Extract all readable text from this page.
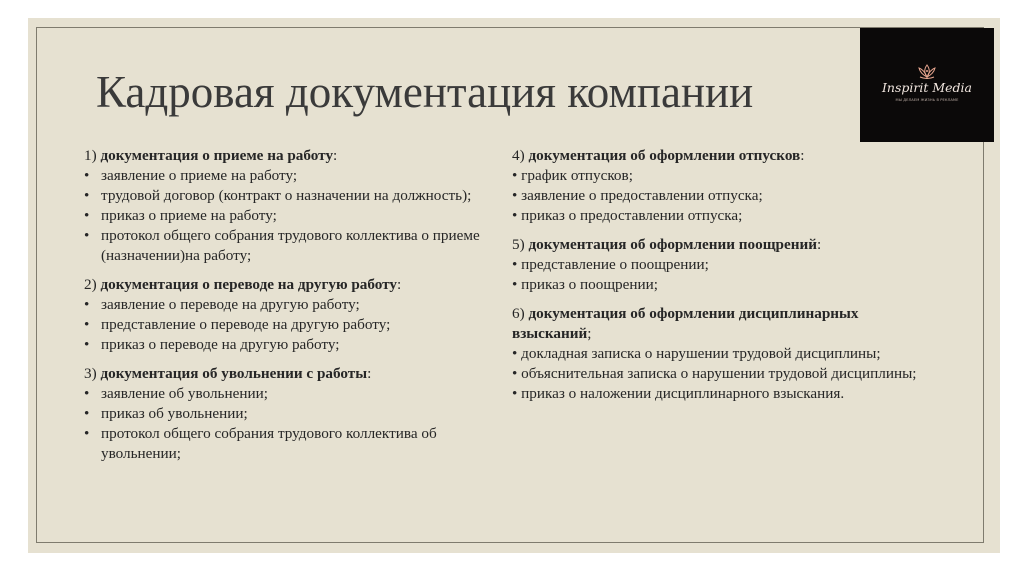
Кадровая документация компании	Inspirit Media
МЫ ДЕЛАЕМ ЖИЗНЬ В РЕКЛАМЕ

1) документация о приеме на работу:

•заявление о приеме на работу;
•трудовой договор (контракт о назначении на должность);
•приказ о приеме на работу;
•протокол общего собрания трудового коллектива о приеме (назначении)на работу;

2) документация о переводе на другую работу:

•заявление о переводе на другую работу;
•представление о переводе на другую работу;
•приказ о переводе на другую работу;

3) документация об увольнении с работы:

•заявление об увольнении;
•приказ об увольнении;
•протокол общего собрания трудового коллектива об увольнении;

4) документация об оформлении отпусков:

• график отпусков;
• заявление о предоставлении отпуска;
• приказ о предоставлении отпуска;

5) документация об оформлении поощрений:

• представление о поощрении;
• приказ о поощрении;

6) документация об оформлении дисциплинарных взысканий;

• докладная записка о нарушении трудовой дисциплины;
• объяснительная записка о нарушении трудовой дисциплины;
• приказ о наложении дисциплинарного взыскания.
